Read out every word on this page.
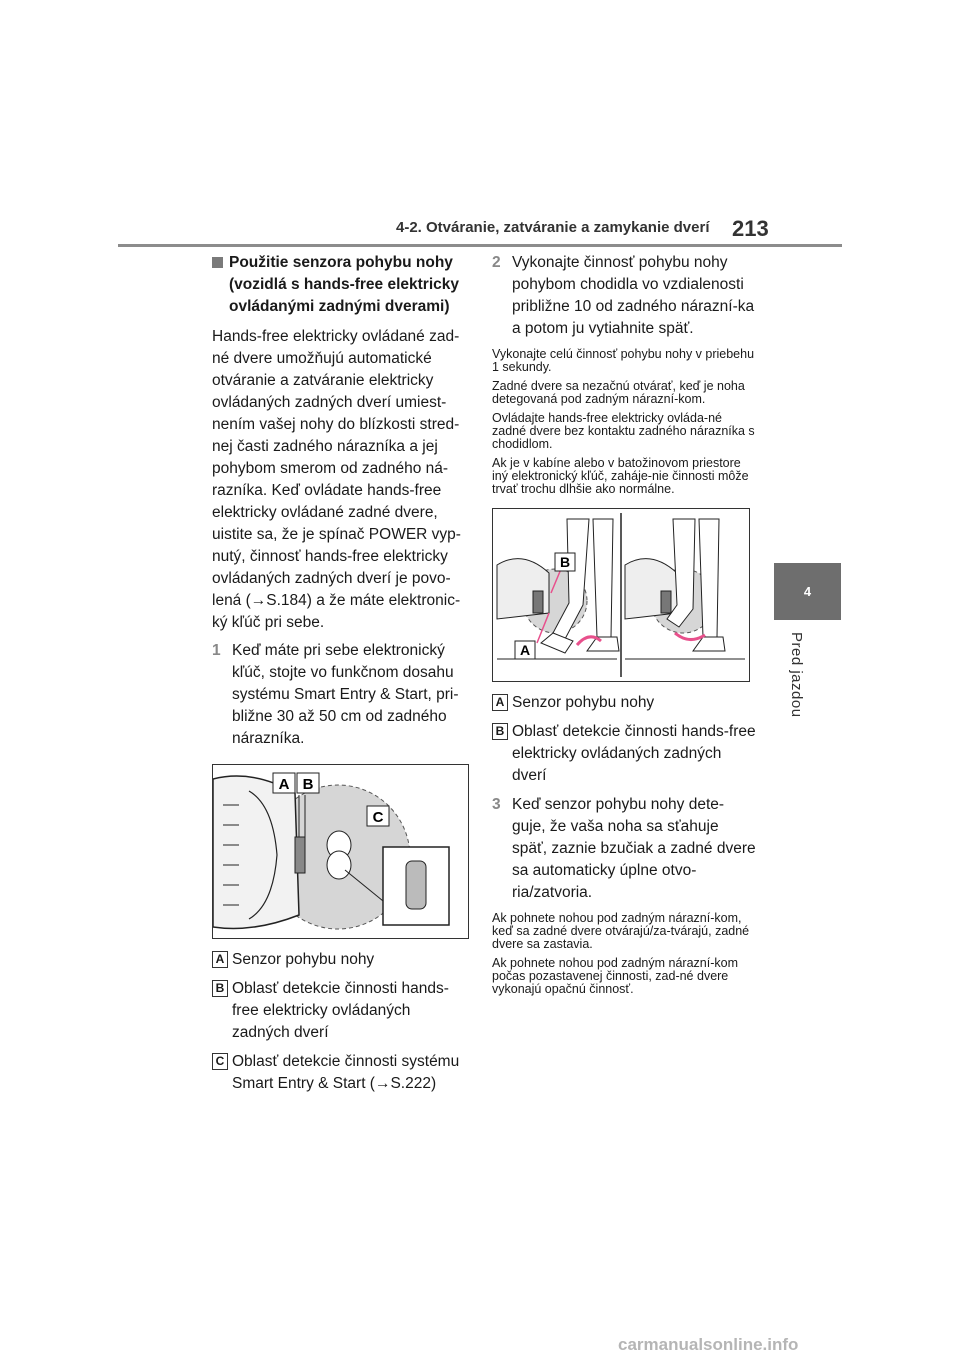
4-2. Otváranie, zatváranie a zamykanie dverí 213
4
Pred jazdou
Použitie senzora pohybu nohy (vozidlá s hands-free elektricky ovládanými zadnými dverami)

Hands-free elektricky ovládané zad-né dvere umožňujú automatické otváranie a zatváranie elektricky ovládaných zadných dverí umiest-nením vašej nohy do blízkosti stred-nej časti zadného nárazníka a jej pohybom smerom od zadného ná-razníka. Keď ovládate hands-free elektricky ovládané zadné dvere, uistite sa, že je spínač POWER vyp-nutý, činnosť hands-free elektricky ovládaných zadných dverí je povo-lená (→S.184) a že máte elektronic-ký kľúč pri sebe.

1 Keď máte pri sebe elektronický kľúč, stojte vo funkčnom dosahu systému Smart Entry & Start, pri-bližne 30 až 50 cm od zadného nárazníka.
A B
C
A Senzor pohybu nohy
B Oblasť detekcie činnosti hands-free elektricky ovládaných zadných dverí
C Oblasť detekcie činnosti systému Smart Entry & Start (→S.222)
2 Vykonajte činnosť pohybu nohy pohybom chodidla vo vzdialenosti približne 10 od zadného nárazní-ka a potom ju vytiahnite späť.

Vykonajte celú činnosť pohybu nohy v priebehu 1 sekundy.

Zadné dvere sa nezačnú otvárať, keď je noha detegovaná pod zadným nárazní-kom.

Ovládajte hands-free elektricky ovláda-né zadné dvere bez kontaktu zadného nárazníka s chodidlom.

Ak je v kabíne alebo v batožinovom priestore iný elektronický kľúč, zaháje-nie činnosti môže trvať trochu dlhšie ako normálne.

B
A
A Senzor pohybu nohy
B Oblasť detekcie činnosti hands-free elektricky ovládaných zadných dverí
3 Keď senzor pohybu nohy dete-guje, že vaša noha sa sťahuje späť, zaznie bzučiak a zadné dvere sa automaticky úplne otvo-ria/zatvoria.

Ak pohnete nohou pod zadným nárazní-kom, keď sa zadné dvere otvárajú/za-tvárajú, zadné dvere sa zastavia.

Ak pohnete nohou pod zadným nárazní-kom počas pozastavenej činnosti, zad-né dvere vykonajú opačnú činnosť.

carmanualsonline.info
